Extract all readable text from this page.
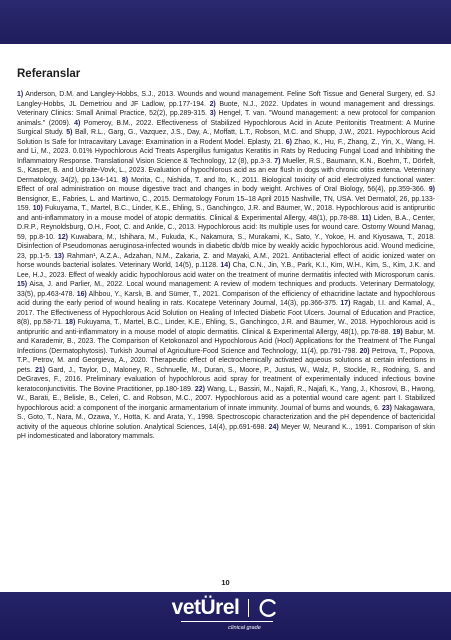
Referanslar

1) Anderson, D.M. and Langley-Hobbs, S.J., 2013. Wounds and wound management. Feline Soft Tissue and General Surgery, ed. SJ Langley-Hobbs, JL Demetriou and JF Ladlow, pp.177-194. 2) Buote, N.J., 2022. Updates in wound management and dressings. Veterinary Clinics: Small Animal Practice, 52(2), pp.289-315. 3) Hengel, T. van. "Wound management: a new protocol for companion animals." (2009). 4) Pomeroy, B.M., 2022. Effectiveness of Stabilized Hypochlorous Acid in Acute Peritonitis Treatment: A Murine Surgical Study. 5) Ball, R.L., Garg, G., Vazquez, J.S., Day, A., Moffatt, L.T., Robson, M.C. and Shupp, J.W., 2021. Hypochlorous Acid Solution Is Safe for Intracavitary Lavage: Examination in a Rodent Model. Eplasty, 21. 6) Zhao, K., Hu, F., Zhang, Z., Yin, X., Wang, H. and Li, M., 2023. 0.01% Hypochlorous Acid Treats Aspergillus fumigatus Keratitis in Rats by Reducing Fungal Load and Inhibiting the Inflammatory Response. Translational Vision Science & Technology, 12 (8), pp.3-3. 7) Mueller, R.S., Baumann, K.N., Boehm, T., Dörfelt, S., Kasper, B. and Udraite-Vovk, L., 2023. Evaluation of hypochlorous acid as an ear flush in dogs with chronic otitis externa. Veterinary Dermatology, 34(2), pp.134-141. 8) Morita, C., Nishida, T. and Ito, K., 2011. Biological toxicity of acid electrolyzed functional water: Effect of oral administration on mouse digestive tract and changes in body weight. Archives of Oral Biology, 56(4), pp.359-366. 9) Bensignor, E., Fabries, L. and Martinvo, C., 2015. Dermatology Forum 15–18 April 2015 Nashville, TN, USA. Vet Dermatol, 26, pp.133-159. 10) Fukuyama, T., Martel, B.C., Linder, K.E., Ehling, S., Ganchingco, J.R. and Bäumer, W., 2018. Hypochlorous acid is antipruritic and anti-inflammatory in a mouse model of atopic dermatitis. Clinical & Experimental Allergy, 48(1), pp.78-88. 11) Liden, B.A., Center, D.R.P., Reynoldsburg, O.H., Foot, C. and Ankle, C., 2013. Hypochlorous acid: Its multiple uses for wound care. Ostomy Wound Manag, 59, pp.8-10. 12) Kuwabara, M., Ishihara, M., Fukuda, K., Nakamura, S., Murakami, K., Sato, Y., Yokoe, H. and Kiyosawa, T., 2018. Disinfection of Pseudomonas aeruginosa-infected wounds in diabetic db/db mice by weakly acidic hypochlorous acid. Wound medicine, 23, pp.1-5. 13) Rahman¹, A.Z.A., Adzahan, N.M., Zakaria, Z. and Mayaki, A.M., 2021. Antibacterial effect of acidic ionized water on horse wounds bacterial isolates. Veterinary World, 14(5), p.1128. 14) Cha, C.N., Jin, Y.B., Park, K.I., Kim, W.H., Kim, S., Kim, J.K. and Lee, H.J., 2023. Effect of weakly acidic hypochlorous acid water on the treatment of murine dermatitis infected with Microsporum canis. 15) Aisa, J. and Parlier, M., 2022. Local wound management: A review of modern techniques and products. Veterinary Dermatology, 33(5), pp.463-478. 16) Alhbou, Y., Karslı, B. and Sümer, T., 2021. Comparison of the efficiency of ethacridine lactate and hypochlorous acid during the early period of wound healing in rats. Kocatepe Veterinary Journal, 14(3), pp.366-375. 17) Ragab, I.I. and Kamal, A., 2017. The Effectiveness of Hypochlorous Acid Solution on Healing of Infected Diabetic Foot Ulcers. Journal of Education and Practice, 8(8), pp.58-71. 18) Fukuyama, T., Martel, B.C., Linder, K.E., Ehling, S., Ganchingco, J.R. and Bäumer, W., 2018. Hypochlorous acid is antipruritic and anti-inflammatory in a mouse model of atopic dermatitis. Clinical & Experimental Allergy, 48(1), pp.78-88. 19) Babur, M. and Karademir, B., 2023. The Comparison of Ketokonazol and Hypochlorous Acid (Hocl) Applications for the Treatment of The Fungal Infections (Dermatophytosis). Turkish Journal of Agriculture-Food Science and Technology, 11(4), pp.791-798. 20) Petrova, T., Popova, T.P., Petrov, M. and Georgieva, A., 2020. Therapeutic effect of electrochemically activated aqueous solutions at certain infections in pets. 21) Gard, J., Taylor, D., Maloney, R., Schnuelle, M., Duran, S., Moore, P., Justus, W., Walz, P., Stockle, R., Rodning, S. and DeGraves, F., 2016. Preliminary evaluation of hypochlorous acid spray for treatment of experimentally induced infectious bovine keratoconjunctivitis. The Bovine Practitioner, pp.180-189. 22) Wang, L., Bassiri, M., Najafi, R., Najafi, K., Yang, J., Khosrovi, B., Hwong, W., Barati, E., Belisle, B., Celeri, C. and Robson, M.C., 2007. Hypochlorous acid as a potential wound care agent: part I. Stabilized hypochlorous acid: a component of the inorganic armamentarium of innate immunity. Journal of burns and wounds, 6. 23) Nakagawara, S., Goto, T., Nara, M., Ozawa, Y., Hotta, K. and Arata, Y., 1998. Spectroscopic characterization and the pH dependence of bactericidal activity of the aqueous chlorine solution. Analytical Sciences, 14(4), pp.691-698. 24) Meyer W, Neurand K.., 1991. Comparison of skin pH indomesticated and laboratory mammals.

10
vetÜrel
clinical grade
